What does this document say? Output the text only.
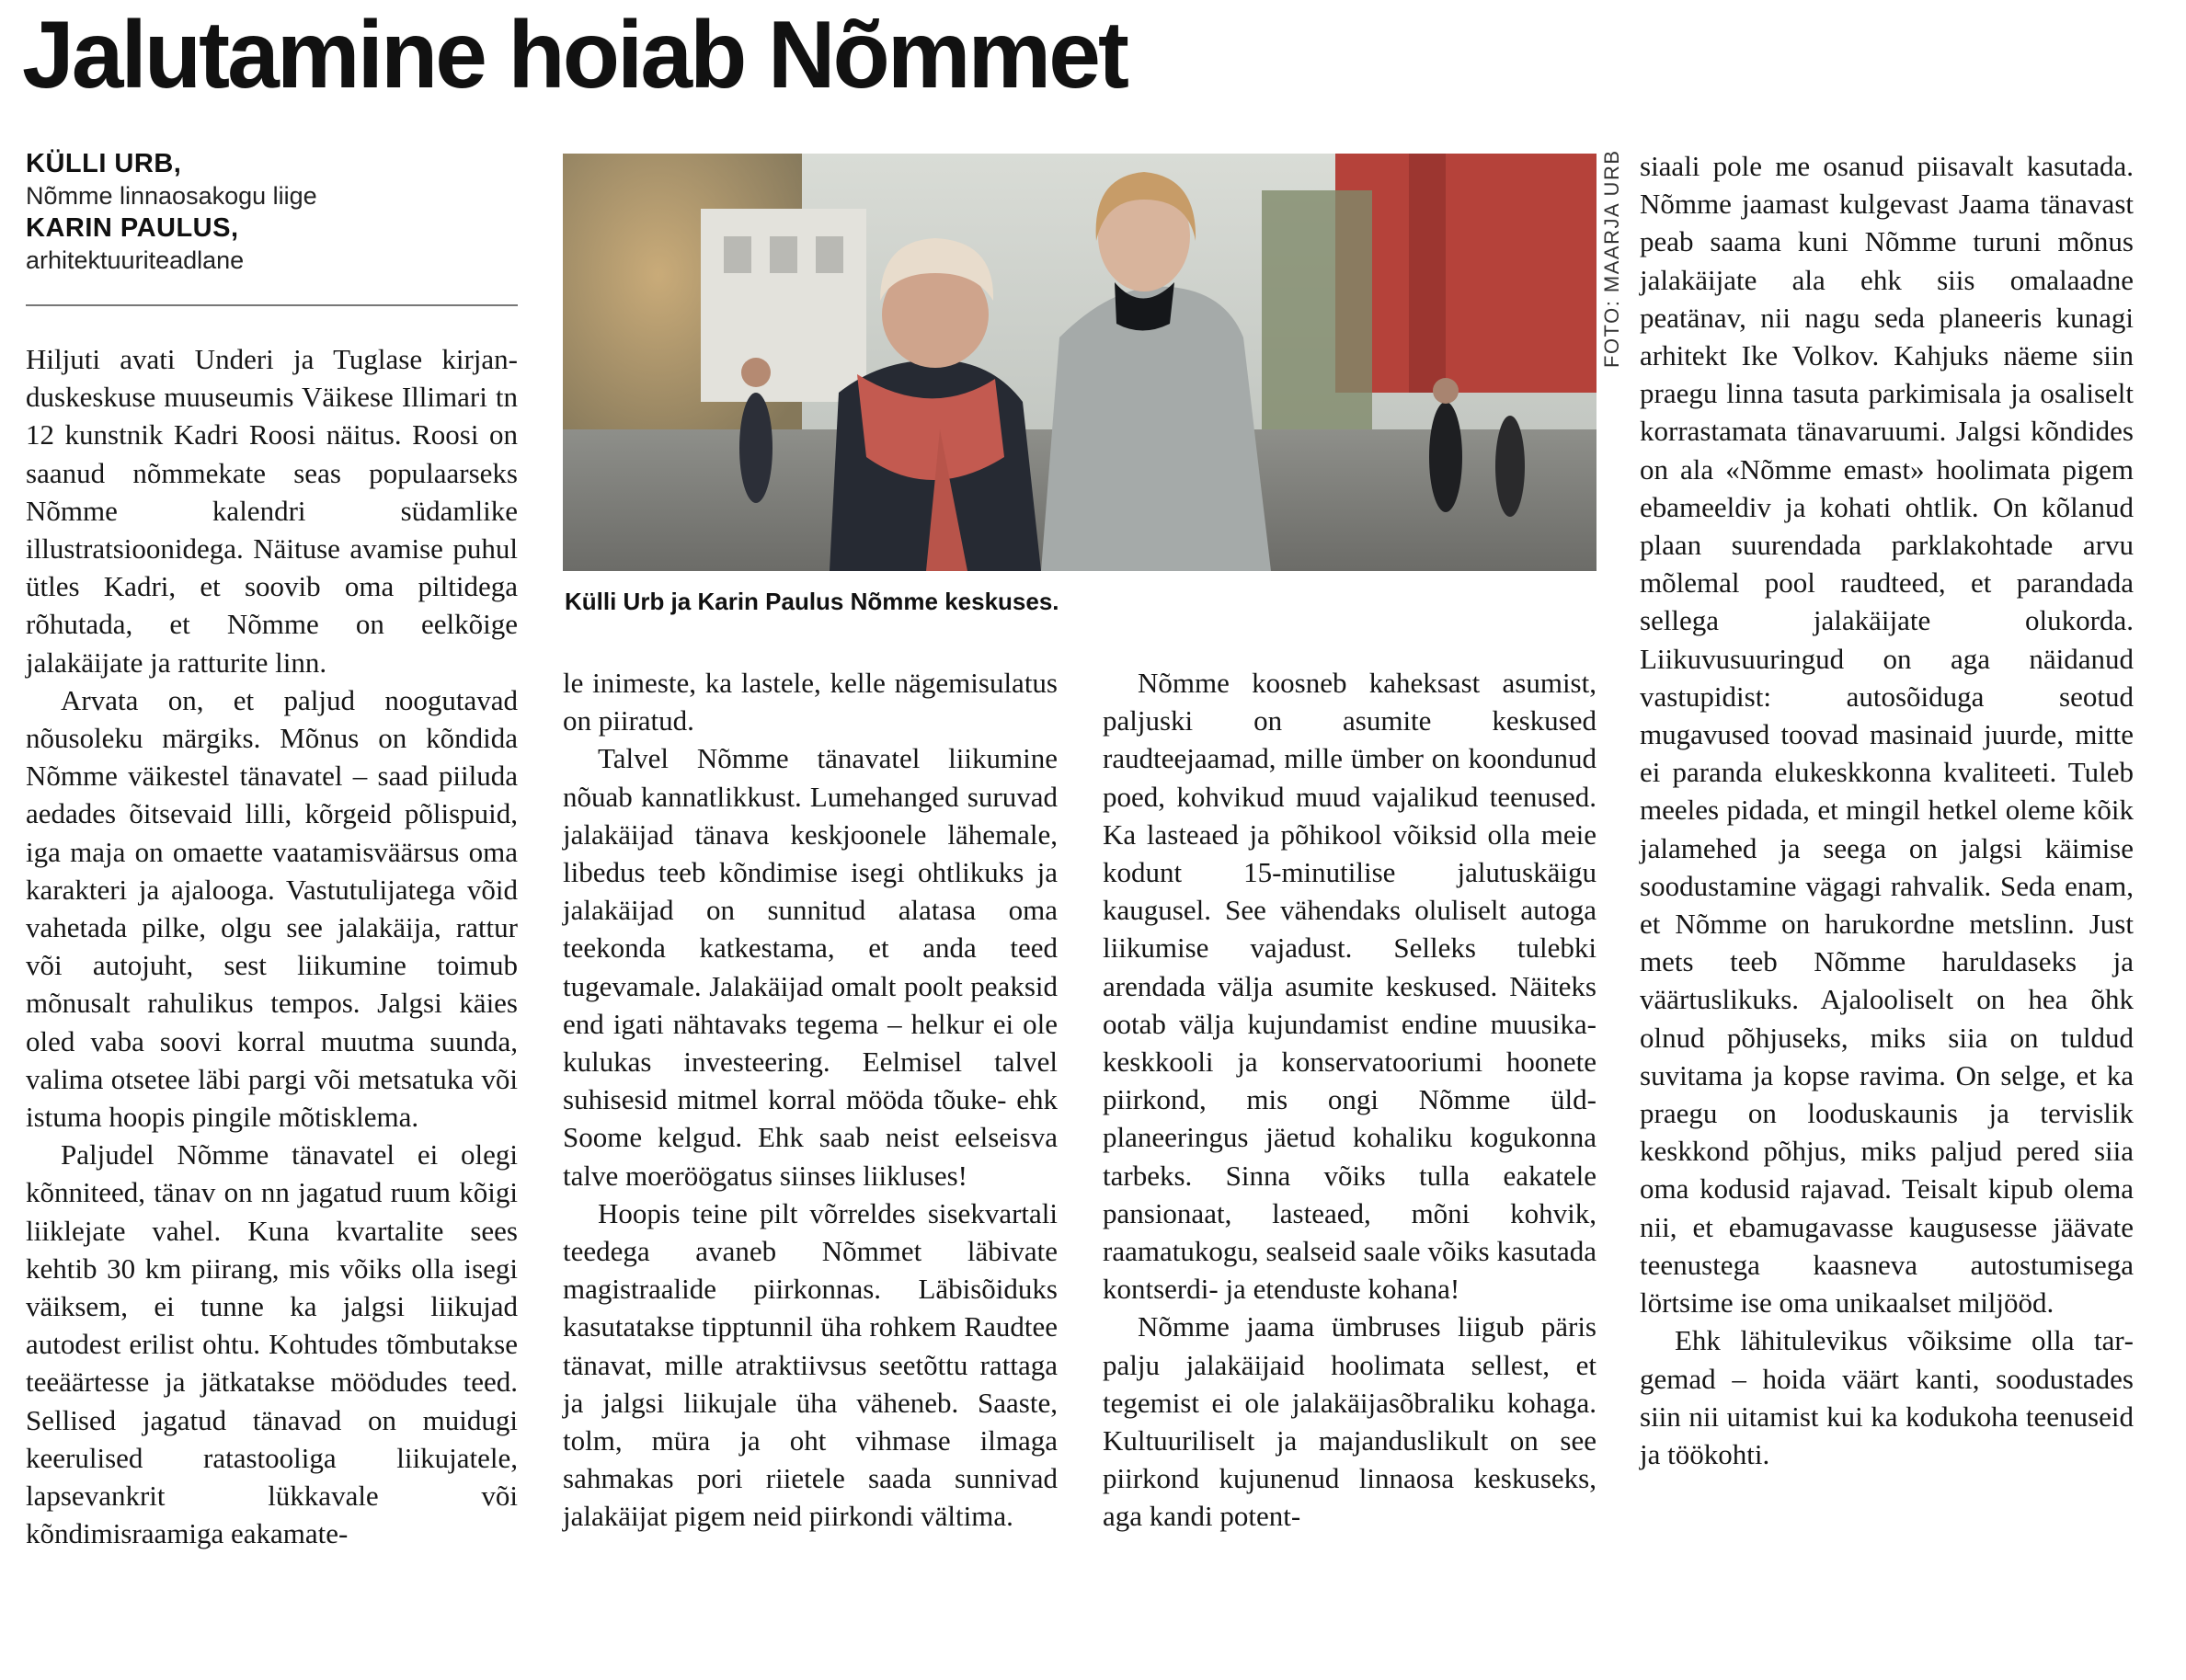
Jalutamine hoiab Nõmmet
KÜLLI URB,
Nõmme linnaosakogu liige
KARIN PAULUS,
arhitektuuriteadlane

Hiljuti avati Underi ja Tuglase kirjanduskeskuse muuseumis Väikese Illimari tn 12 kunstnik Kadri Roosi näitus. Roosi on saanud nõmmekate seas populaarseks Nõmme kalendri südamlike illustratsioonidega. Näituse avamise puhul ütles Kadri, et soovib oma piltidega rõhutada, et Nõmme on eelkõige jalakäijate ja ratturite linn.

Arvata on, et paljud noogutavad nõusoleku märgiks. Mõnus on kõndida Nõmme väikestel tänavatel – saad piiluda aedades õitsevaid lilli, kõrgeid põlispuid, iga maja on omaette vaatamisväärsus oma karakteri ja ajalooga. Vastutulijatega võid vahetada pilke, olgu see jalakäija, rattur või autojuht, sest liikumine toimub mõnusalt rahulikus tempos. Jalgsi käies oled vaba soovi korral muutma suunda, valima otsetee läbi pargi või metsatuka või istuma hoopis pingile mõtisklema.

Paljudel Nõmme tänavatel ei olegi kõnniteed, tänav on nn jagatud ruum kõigi liiklejate vahel. Kuna kvartalite sees kehtib 30 km piirang, mis võiks olla isegi väiksem, ei tunne ka jalgsi liikujad autodest erilist ohtu. Kohtudes tõmbutakse teeäärtesse ja jätkatakse möödudes teed. Sellised jagatud tänavad on muidugi keerulised ratastooliga liikujatele, lapsevankrit lükkavale või kõndimisraamiga eakamate-

FOTO: MAARJA URB
Külli Urb ja Karin Paulus Nõmme keskuses.

le inimeste, ka lastele, kelle nägemisulatus on piiratud.

Talvel Nõmme tänavatel liikumine nõuab kannatlikkust. Lumehanged suruvad jalakäijad tänava keskjoonele lähemale, libedus teeb kõndimise isegi ohtlikuks ja jalakäijad on sunnitud alatasa oma teekonda katkestama, et anda teed tugevamale. Jalakäijad omalt poolt peaksid end igati nähtavaks tegema – helkur ei ole kulukas investeering. Eelmisel talvel suhisesid mitmel korral mööda tõuke- ehk Soome kelgud. Ehk saab neist eelseisva talve moeröögatus siinses liikluses!

Hoopis teine pilt võrreldes sisekvartali teedega avaneb Nõmmet läbivate magistraalide piirkonnas. Läbisõiduks kasutatakse tipptunnil üha rohkem Raudtee tänavat, mille atraktiivsus seetõttu rattaga ja jalgsi liikujale üha väheneb. Saaste, tolm, müra ja oht vihmase ilmaga sahmakas pori riietele saada sunnivad jalakäijat pigem neid piirkondi vältima.

Nõmme koosneb kaheksast asumist, paljuski on asumite keskused raudteejaamad, mille ümber on koondunud poed, kohvikud muud vajalikud teenused. Ka lasteaed ja põhikool võiksid olla meie kodunt 15-minutilise jalutuskäigu kaugusel. See vähendaks oluliselt autoga liikumise vajadust. Selleks tulebki arendada välja asumite keskused. Näiteks ootab välja kujundamist endine muusikakeskkooli ja konservatooriumi hoonete piirkond, mis ongi Nõmme üldplaneeringus jäetud kohaliku kogukonna tarbeks. Sinna võiks tulla eakatele pansionaat, lasteaed, mõni kohvik, raamatukogu, sealseid saale võiks kasutada kontserdi- ja etenduste kohana!

Nõmme jaama ümbruses liigub päris palju jalakäijaid hoolimata sellest, et tegemist ei ole jalakäijasõbraliku kohaga. Kultuuriliselt ja majanduslikult on see piirkond kujunenud linnaosa keskuseks, aga kandi potent-

siaali pole me osanud piisavalt kasutada. Nõmme jaamast kulgevast Jaama tänavast peab saama kuni Nõmme turuni mõnus jalakäijate ala ehk siis omalaadne peatänav, nii nagu seda planeeris kunagi arhitekt Ike Volkov. Kahjuks näeme siin praegu linna tasuta parkimisala ja osaliselt korrastamata tänavaruumi. Jalgsi kõndides on ala «Nõmme emast» hoolimata pigem ebameeldiv ja kohati ohtlik. On kõlanud plaan suurendada parklakohtade arvu mõlemal pool raudteed, et parandada sellega jalakäijate olukorda. Liikuvusuuringud on aga näidanud vastupidist: autosõiduga seotud mugavused toovad masinaid juurde, mitte ei paranda elukeskkonna kvaliteeti. Tuleb meeles pidada, et mingil hetkel oleme kõik jalamehed ja seega on jalgsi käimise soodustamine vägagi rahvalik. Seda enam, et Nõmme on harukordne metslinn. Just mets teeb Nõmme haruldaseks ja väärtuslikuks. Ajalooliselt on hea õhk olnud põhjuseks, miks siia on tuldud suvitama ja kopse ravima. On selge, et ka praegu on looduskaunis ja tervislik keskkond põhjus, miks paljud pered siia oma kodusid rajavad. Teisalt kipub olema nii, et ebamugavasse kaugusesse jäävate teenustega kaasneva autostumisega lörtsime ise oma unikaalset miljööd.

Ehk lähitulevikus võiksime olla targemad – hoida väärt kanti, soodustades siin nii uitamist kui ka kodukoha teenuseid ja töökohti.
